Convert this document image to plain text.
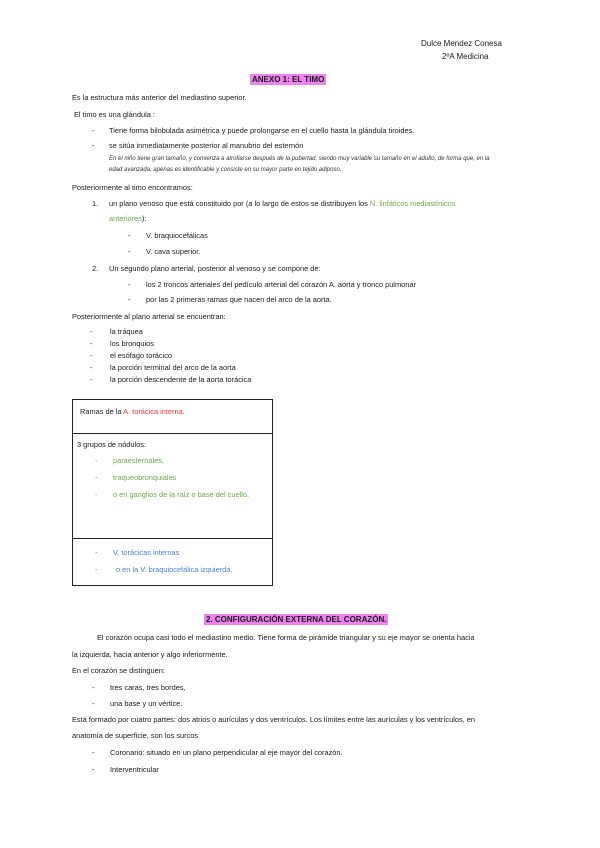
Dulce Mendez Conesa
2ºA Medicina
ANEXO 1: EL TIMO
Es la estructura más anterior del mediastino superior.
El timo es una glándula :
-
Tiene forma bilobulada asimétrica y puede prolongarse en el cuello hasta la glándula tiroides.
-
se sitúa inmediatamente posterior al manubrio del esternón
En el niño tiene gran tamaño, y comienza a atrofiarse después de la pubertad, siendo muy variable su tamaño en el adulto, de forma que, en la
edad avanzada, apenas es identificable y consiste en su mayor parte en tejido adiposo.
Posteriormente al timo encontramos:
1. un plano venoso que está constituido por (a lo largo de estos se distribuyen los N. linfáticos mediastínicos
anteriores):
-
V. braquiocefálicas
-
V. cava superior.
2. Un segundo plano arterial, posterior al venoso y se compone de:
-
los 2 troncos arteriales del pedículo arterial del corazón A. aorta y tronco pulmonar
-
por las 2 primeras ramas que nacen del arco de la aorta.
Posteriormente al plano arterial se encuentran:
-
la tráquea
-
los bronquios
-
el esófago torácico
-
la porción terminal del arco de la aorta
-
la porción descendente de la aorta torácica
Ramas de la A. torácica interna.
3 grupos de nódulos:
-
paraesternales,
-
traqueobronquiales
-
o en ganglios de la raíz o base del cuello.
-
V. torácicas internas
-
o en la V. braquiocefálica izquierda.
2. CONFIGURACIÓN EXTERNA DEL CORAZÓN.
El corazón ocupa casi todo el mediastino medio. Tiene forma de pirámide triangular y su eje mayor se orienta hacia
la izquierda, hacia anterior y algo inferiormente.
En el corazón se distinguen:
-
tres caras, tres bordes,
-
una base y un vértice.
Está formado por cuatro partes: dos atrios o aurículas y dos ventrículos. Los límites entre las aurículas y los ventrículos, en
anatomía de superficie, son los surcos
-
Coronario: situado en un plano perpendicular al eje mayor del corazón.
-
Interventricular
